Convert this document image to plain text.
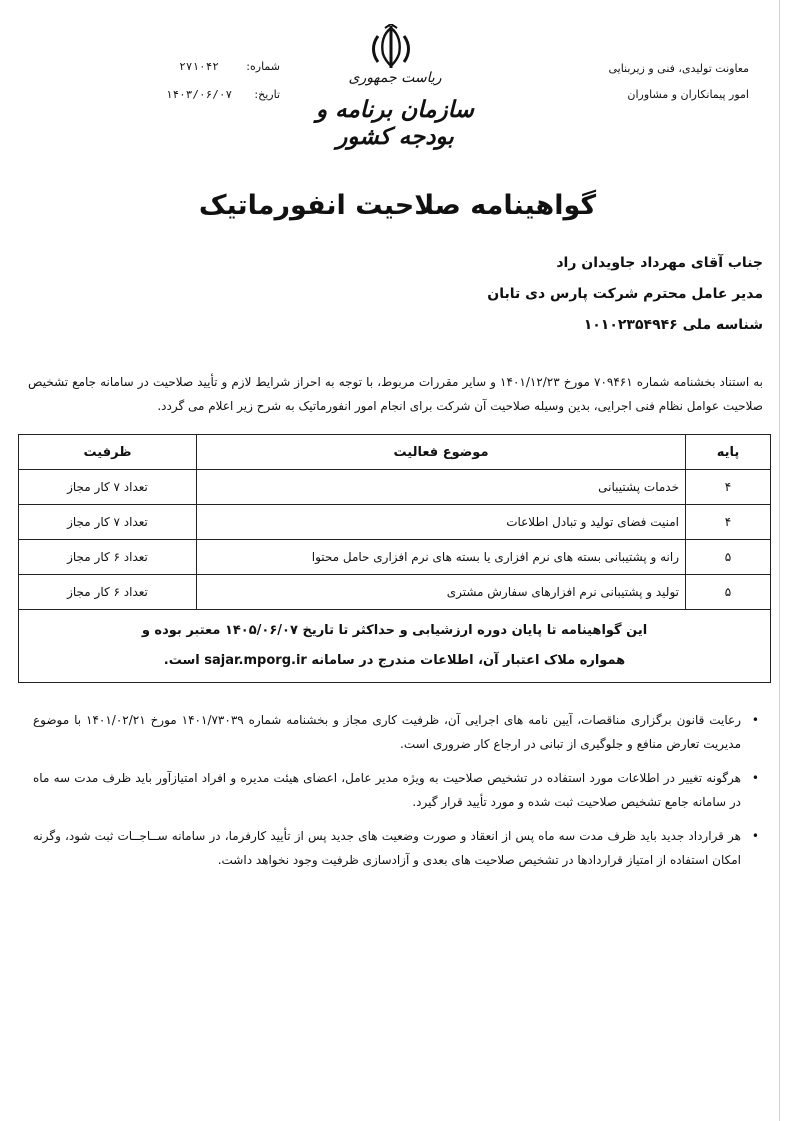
معاونت تولیدی، فنی و زیربنایی
امور پیمانکاران و مشاوران
شماره:
۲۷۱۰۴۲
تاریخ:
۱۴۰۳/۰۶/۰۷
ریاست جمهوری
سازمان برنامه و بودجه کشور
گواهینامه صلاحیت انفورماتیک
جناب آقای مهرداد جاویدان راد
مدیر عامل محترم شرکت پارس دی تابان
شناسه ملی ۱۰۱۰۲۳۵۴۹۴۶
به استناد بخشنامه شماره ۷۰۹۴۶۱ مورخ ۱۴۰۱/۱۲/۲۳ و سایر مقررات مربوط، با توجه به احراز شرایط لازم و تأیید صلاحیت در سامانه جامع تشخیص صلاحیت عوامل نظام فنی اجرایی، بدین وسیله صلاحیت آن شرکت برای انجام امور انفورماتیک به شرح زیر اعلام می گردد.
پایه	موضوع فعالیت	ظرفیت
۴	خدمات پشتیبانی	تعداد ۷ کار مجاز
۴	امنیت فضای تولید و تبادل اطلاعات	تعداد ۷ کار مجاز
۵	رانه و پشتیبانی بسته های نرم افزاری یا بسته های نرم افزاری حامل محتوا	تعداد ۶ کار مجاز
۵	تولید و پشتیبانی نرم افزارهای سفارش مشتری	تعداد ۶ کار مجاز

این گواهینامه تا پایان دوره ارزشیابی و حداکثر تا تاریخ ۱۴۰۵/۰۶/۰۷ معتبر بوده و
همواره ملاک اعتبار آن، اطلاعات مندرج در سامانه sajar.mporg.ir است.		
• رعایت قانون برگزاری مناقصات، آیین نامه های اجرایی آن، ظرفیت کاری مجاز و بخشنامه شماره ۱۴۰۱/۷۳۰۳۹ مورخ ۱۴۰۱/۰۲/۲۱ با موضوع مدیریت تعارض منافع و جلوگیری از تبانی در ارجاع کار ضروری است.
• هرگونه تغییر در اطلاعات مورد استفاده در تشخیص صلاحیت به ویژه مدیر عامل، اعضای هیئت مدیره و افراد امتیازآور باید ظرف مدت سه ماه در سامانه جامع تشخیص صلاحیت ثبت شده و مورد تأیید قرار گیرد.
• هر قرارداد جدید باید ظرف مدت سه ماه پس از انعقاد و صورت وضعیت های جدید پس از تأیید کارفرما، در سامانه ســاجــات ثبت شود، وگرنه امکان استفاده از امتیاز قراردادها در تشخیص صلاحیت های بعدی و آزادسازی ظرفیت وجود نخواهد داشت.
